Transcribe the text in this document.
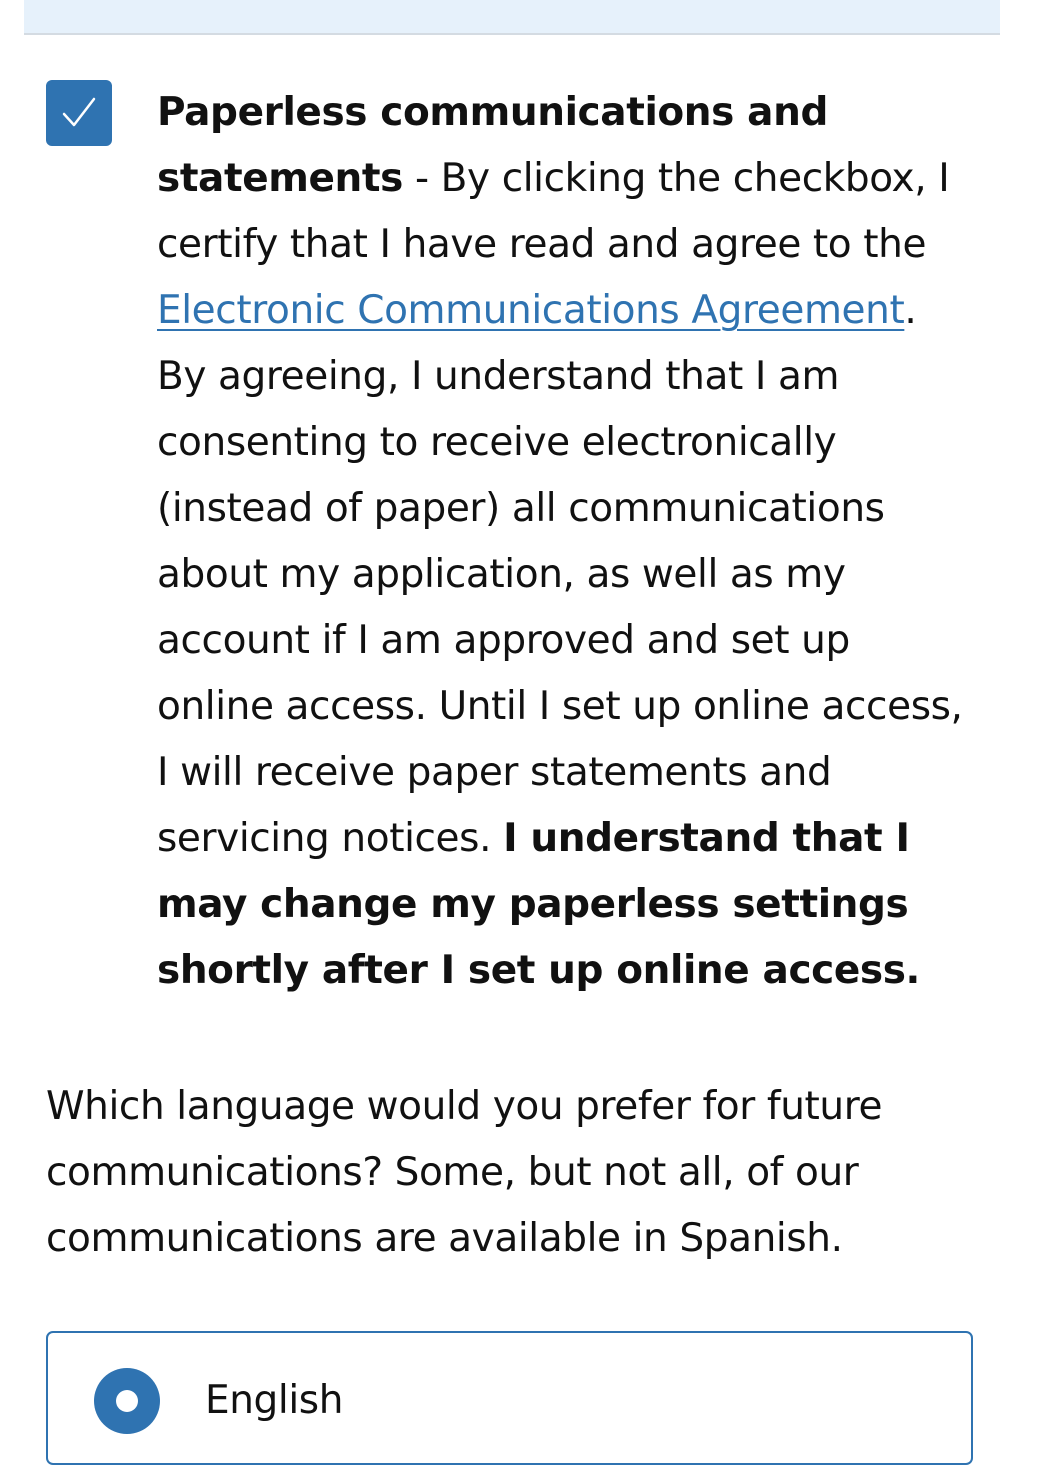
Paperless communications and statements - By clicking the checkbox, I certify that I have read and agree to the Electronic Communications Agreement. By agreeing, I understand that I am consenting to receive electronically (instead of paper) all communications about my application, as well as my account if I am approved and set up online access. Until I set up online access, I will receive paper statements and servicing notices. I understand that I may change my paperless settings shortly after I set up online access.

Which language would you prefer for future communications? Some, but not all, of our communications are available in Spanish.

English
